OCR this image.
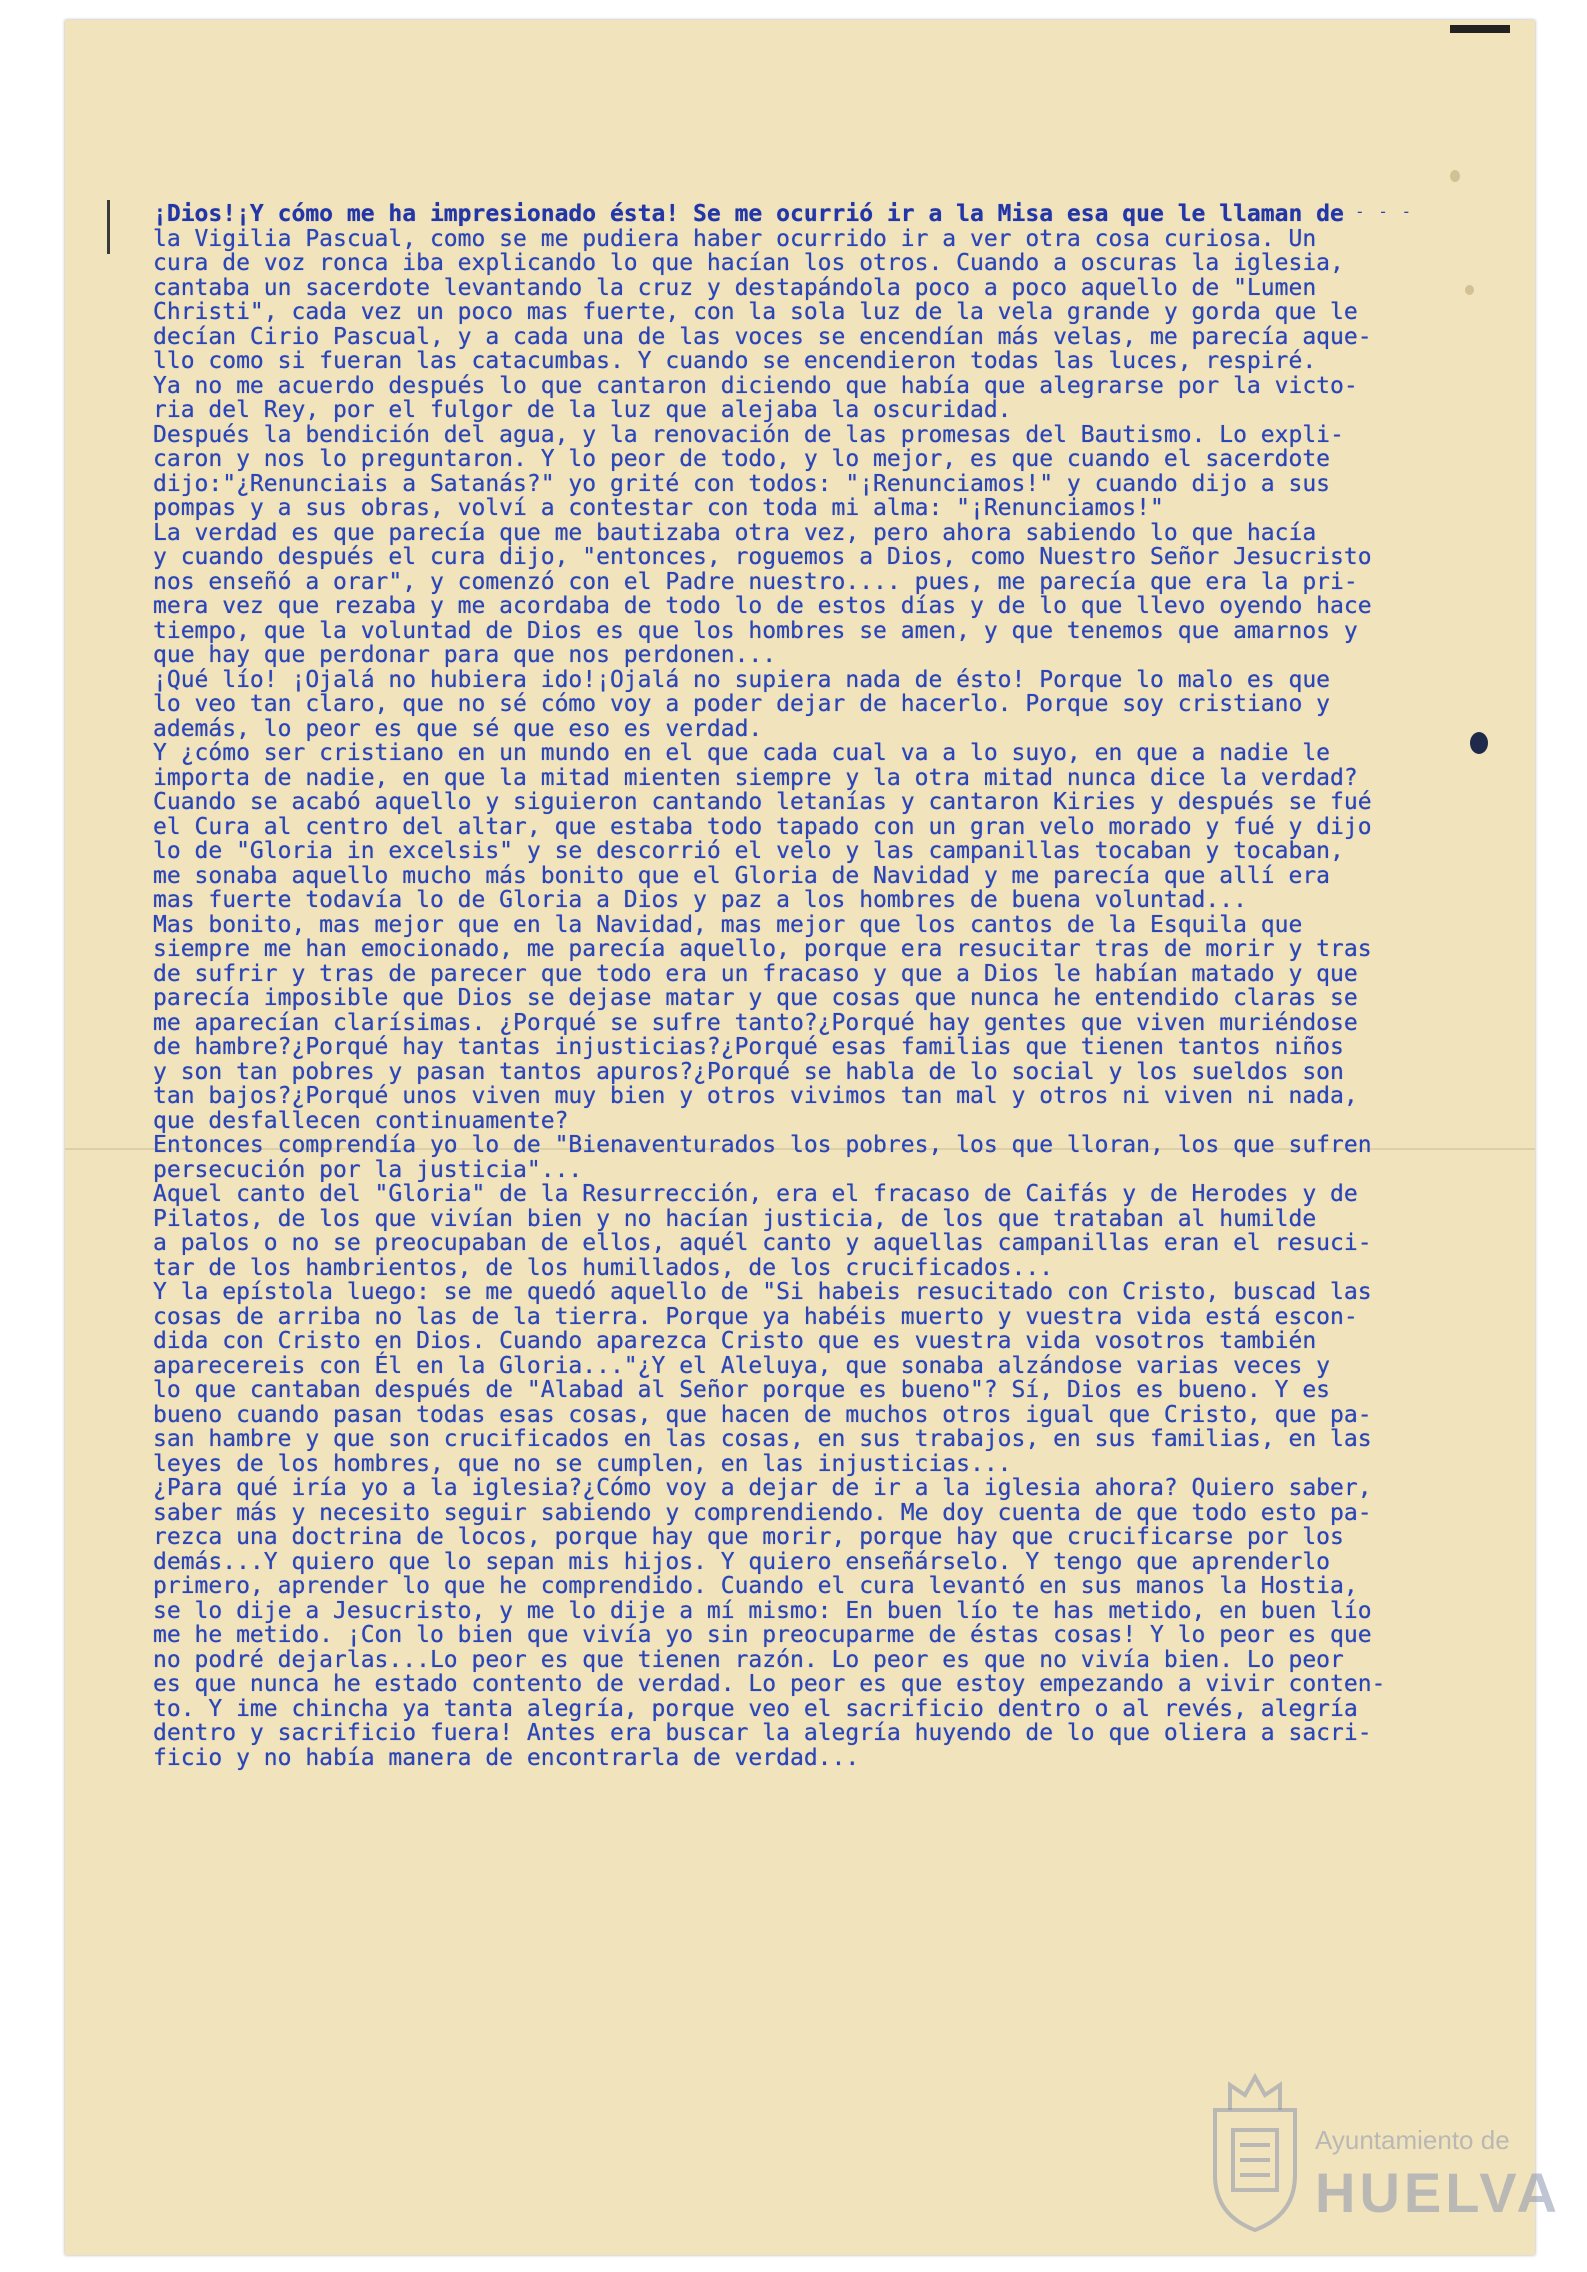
- - -
¡Dios!¡Y cómo me ha impresionado ésta! Se me ocurrió ir a la Misa esa que le llaman de
la Vigilia Pascual, como se me pudiera haber ocurrido ir a ver otra cosa curiosa. Un
cura de voz ronca iba explicando lo que hacían los otros. Cuando a oscuras la iglesia,
cantaba un sacerdote levantando la cruz y destapándola poco a poco aquello de "Lumen
Christi", cada vez un poco mas fuerte, con la sola luz de la vela grande y gorda que le
decían Cirio Pascual, y a cada una de las voces se encendían más velas, me parecía aque-
llo como si fueran las catacumbas. Y cuando se encendieron todas las luces, respiré.
Ya no me acuerdo después lo que cantaron diciendo que había que alegrarse por la victo-
ria del Rey, por el fulgor de la luz que alejaba la oscuridad.
Después la bendición del agua, y la renovación de las promesas del Bautismo. Lo expli-
caron y nos lo preguntaron. Y lo peor de todo, y lo mejor, es que cuando el sacerdote
dijo:"¿Renunciais a Satanás?" yo grité con todos: "¡Renunciamos!" y cuando dijo a sus
pompas y a sus obras, volví a contestar con toda mi alma: "¡Renunciamos!"
La verdad es que parecía que me bautizaba otra vez, pero ahora sabiendo lo que hacía
y cuando después el cura dijo, "entonces, roguemos a Dios, como Nuestro Señor Jesucristo
nos enseñó a orar", y comenzó con el Padre nuestro.... pues, me parecía que era la pri-
mera vez que rezaba y me acordaba de todo lo de estos días y de lo que llevo oyendo hace
tiempo, que la voluntad de Dios es que los hombres se amen, y que tenemos que amarnos y
que hay que perdonar para que nos perdonen...
¡Qué lío! ¡Ojalá no hubiera ido!¡Ojalá no supiera nada de ésto! Porque lo malo es que
lo veo tan claro, que no sé cómo voy a poder dejar de hacerlo. Porque soy cristiano y
además, lo peor es que sé que eso es verdad.
Y ¿cómo ser cristiano en un mundo en el que cada cual va a lo suyo, en que a nadie le
importa de nadie, en que la mitad mienten siempre y la otra mitad nunca dice la verdad?
Cuando se acabó aquello y siguieron cantando letanías y cantaron Kiries y después se fué
el Cura al centro del altar, que estaba todo tapado con un gran velo morado y fué y dijo
lo de "Gloria in excelsis" y se descorrió el velo y las campanillas tocaban y tocaban,
me sonaba aquello mucho más bonito que el Gloria de Navidad y me parecía que allí era
mas fuerte todavía lo de Gloria a Dios y paz a los hombres de buena voluntad...
Mas bonito, mas mejor que en la Navidad, mas mejor que los cantos de la Esquila que
siempre me han emocionado, me parecía aquello, porque era resucitar tras de morir y tras
de sufrir y tras de parecer que todo era un fracaso y que a Dios le habían matado y que
parecía imposible que Dios se dejase matar y que cosas que nunca he entendido claras se
me aparecían clarísimas. ¿Porqué se sufre tanto?¿Porqué hay gentes que viven muriéndose
de hambre?¿Porqué hay tantas injusticias?¿Porqué esas familias que tienen tantos niños
y son tan pobres y pasan tantos apuros?¿Porqué se habla de lo social y los sueldos son
tan bajos?¿Porqué unos viven muy bien y otros vivimos tan mal y otros ni viven ni nada,
que desfallecen continuamente?
Entonces comprendía yo lo de "Bienaventurados los pobres, los que lloran, los que sufren
persecución por la justicia"...
Aquel canto del "Gloria" de la Resurrección, era el fracaso de Caifás y de Herodes y de
Pilatos, de los que vivían bien y no hacían justicia, de los que trataban al humilde
a palos o no se preocupaban de ellos, aquél canto y aquellas campanillas eran el resuci-
tar de los hambrientos, de los humillados, de los crucificados...
Y la epístola luego: se me quedó aquello de "Si habeis resucitado con Cristo, buscad las
cosas de arriba no las de la tierra. Porque ya habéis muerto y vuestra vida está escon-
dida con Cristo en Dios. Cuando aparezca Cristo que es vuestra vida vosotros también
aparecereis con Él en la Gloria..."¿Y el Aleluya, que sonaba alzándose varias veces y
lo que cantaban después de "Alabad al Señor porque es bueno"? Sí, Dios es bueno. Y es
bueno cuando pasan todas esas cosas, que hacen de muchos otros igual que Cristo, que pa-
san hambre y que son crucificados en las cosas, en sus trabajos, en sus familias, en las
leyes de los hombres, que no se cumplen, en las injusticias...
¿Para qué iría yo a la iglesia?¿Cómo voy a dejar de ir a la iglesia ahora? Quiero saber,
saber más y necesito seguir sabiendo y comprendiendo. Me doy cuenta de que todo esto pa-
rezca una doctrina de locos, porque hay que morir, porque hay que crucificarse por los
demás...Y quiero que lo sepan mis hijos. Y quiero enseñárselo. Y tengo que aprenderlo
primero, aprender lo que he comprendido. Cuando el cura levantó en sus manos la Hostia,
se lo dije a Jesucristo, y me lo dije a mí mismo: En buen lío te has metido, en buen lío
me he metido. ¡Con lo bien que vivía yo sin preocuparme de éstas cosas! Y lo peor es que
no podré dejarlas...Lo peor es que tienen razón. Lo peor es que no vivía bien. Lo peor
es que nunca he estado contento de verdad. Lo peor es que estoy empezando a vivir conten-
to. Y ime chincha ya tanta alegría, porque veo el sacrificio dentro o al revés, alegría
dentro y sacrificio fuera! Antes era buscar la alegría huyendo de lo que oliera a sacri-
ficio y no había manera de encontrarla de verdad...
Ayuntamiento de
HUELVA
